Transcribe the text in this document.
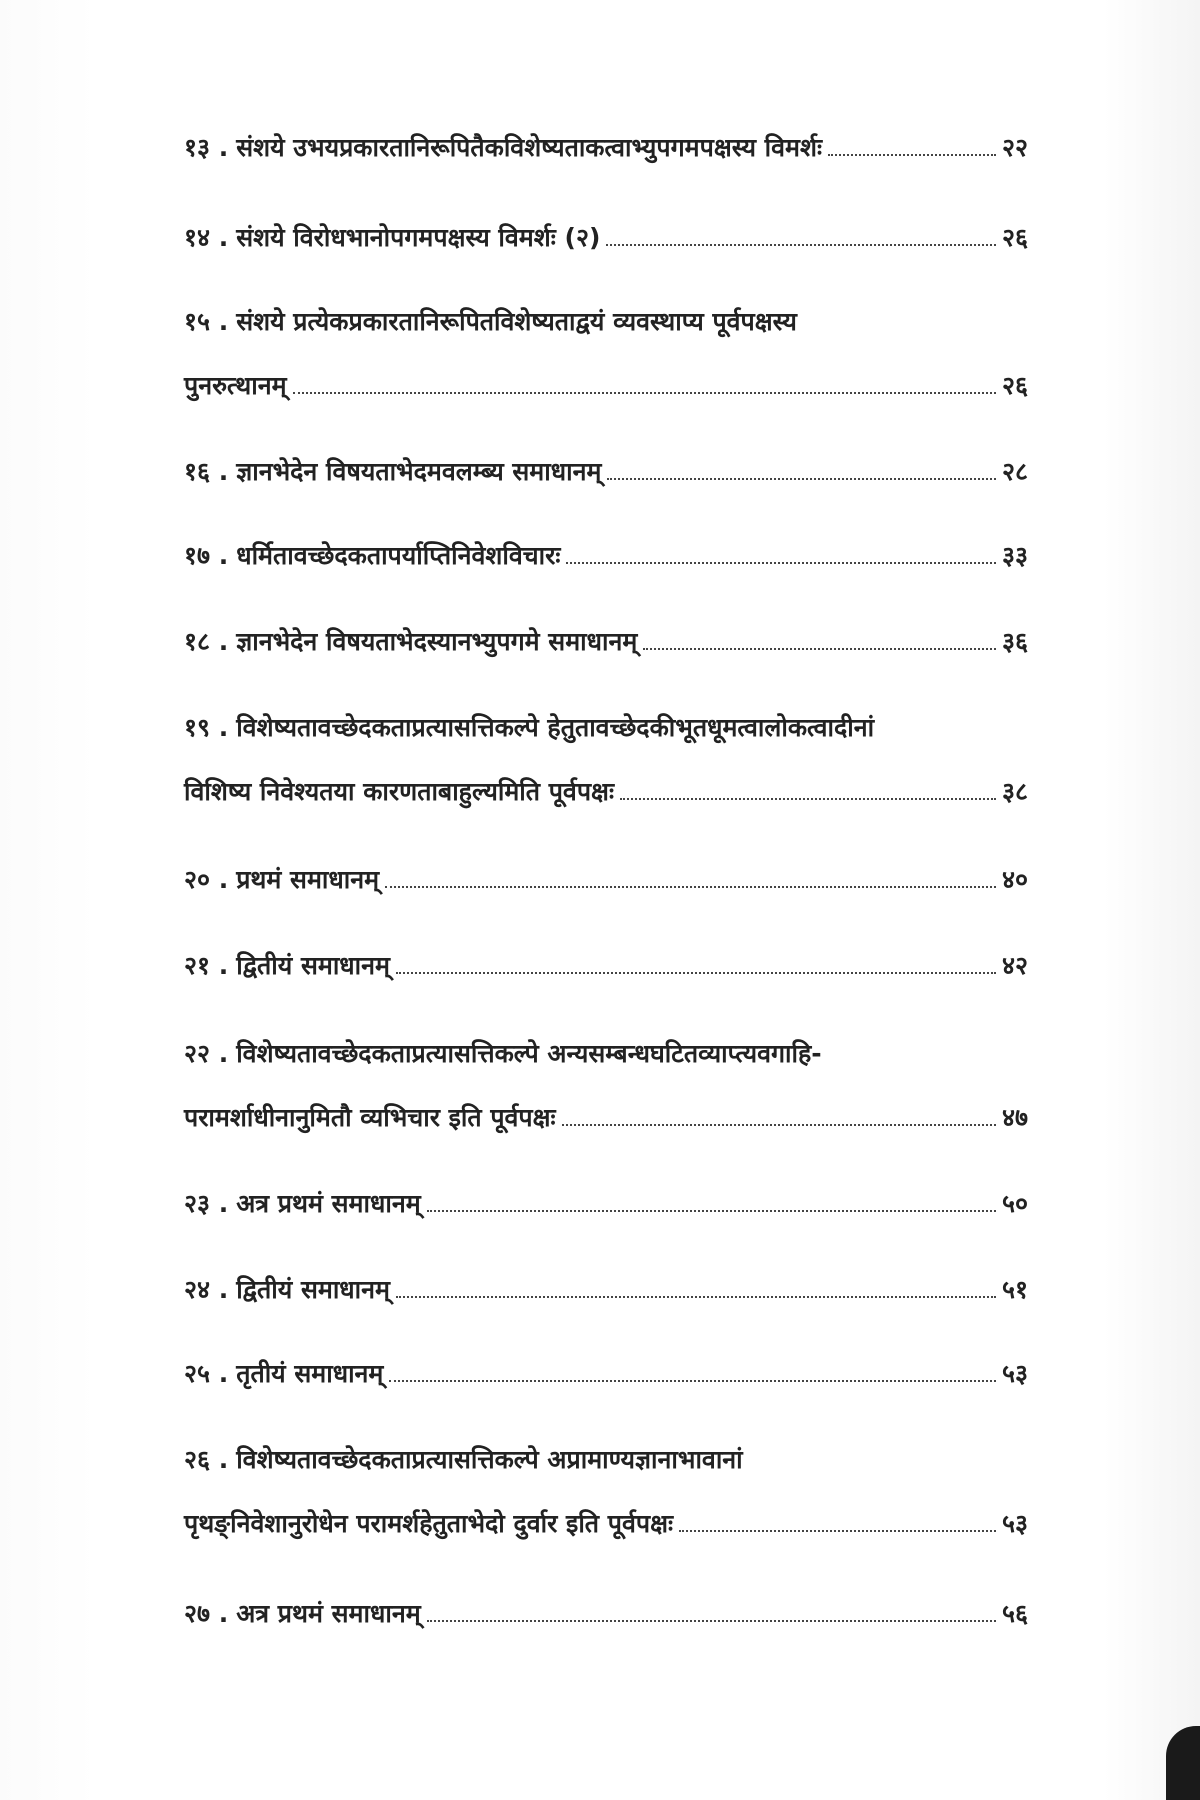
१३ . संशये उभयप्रकारतानिरूपितैकविशेष्यताकत्वाभ्युपगमपक्षस्य विमर्शः	२२
१४ . संशये विरोधभानोपगमपक्षस्य विमर्शः (२)	२६
१५ . संशये प्रत्येकप्रकारतानिरूपितविशेष्यताद्वयं व्यवस्थाप्य पूर्वपक्षस्य
पुनरुत्थानम्	२६
१६ . ज्ञानभेदेन विषयताभेदमवलम्ब्य समाधानम्	२८
१७ . धर्मितावच्छेदकतापर्याप्तिनिवेशविचारः	३३
१८ . ज्ञानभेदेन विषयताभेदस्यानभ्युपगमे समाधानम्	३६
१९ . विशेष्यतावच्छेदकताप्रत्यासत्तिकल्पे हेतुतावच्छेदकीभूतधूमत्वालोकत्वादीनां
विशिष्य निवेश्यतया कारणताबाहुल्यमिति पूर्वपक्षः	३८
२० . प्रथमं समाधानम्	४०
२१ . द्वितीयं समाधानम्	४२
२२ . विशेष्यतावच्छेदकताप्रत्यासत्तिकल्पे अन्यसम्बन्धघटितव्याप्त्यवगाहि-
परामर्शाधीनानुमितौ व्यभिचार इति पूर्वपक्षः	४७
२३ . अत्र प्रथमं समाधानम्	५०
२४ . द्वितीयं समाधानम्	५१
२५ . तृतीयं समाधानम्	५३
२६ . विशेष्यतावच्छेदकताप्रत्यासत्तिकल्पे अप्रामाण्यज्ञानाभावानां
पृथङ्निवेशानुरोधेन परामर्शहेतुताभेदो दुर्वार इति पूर्वपक्षः	५३
२७ . अत्र प्रथमं समाधानम्	५६
